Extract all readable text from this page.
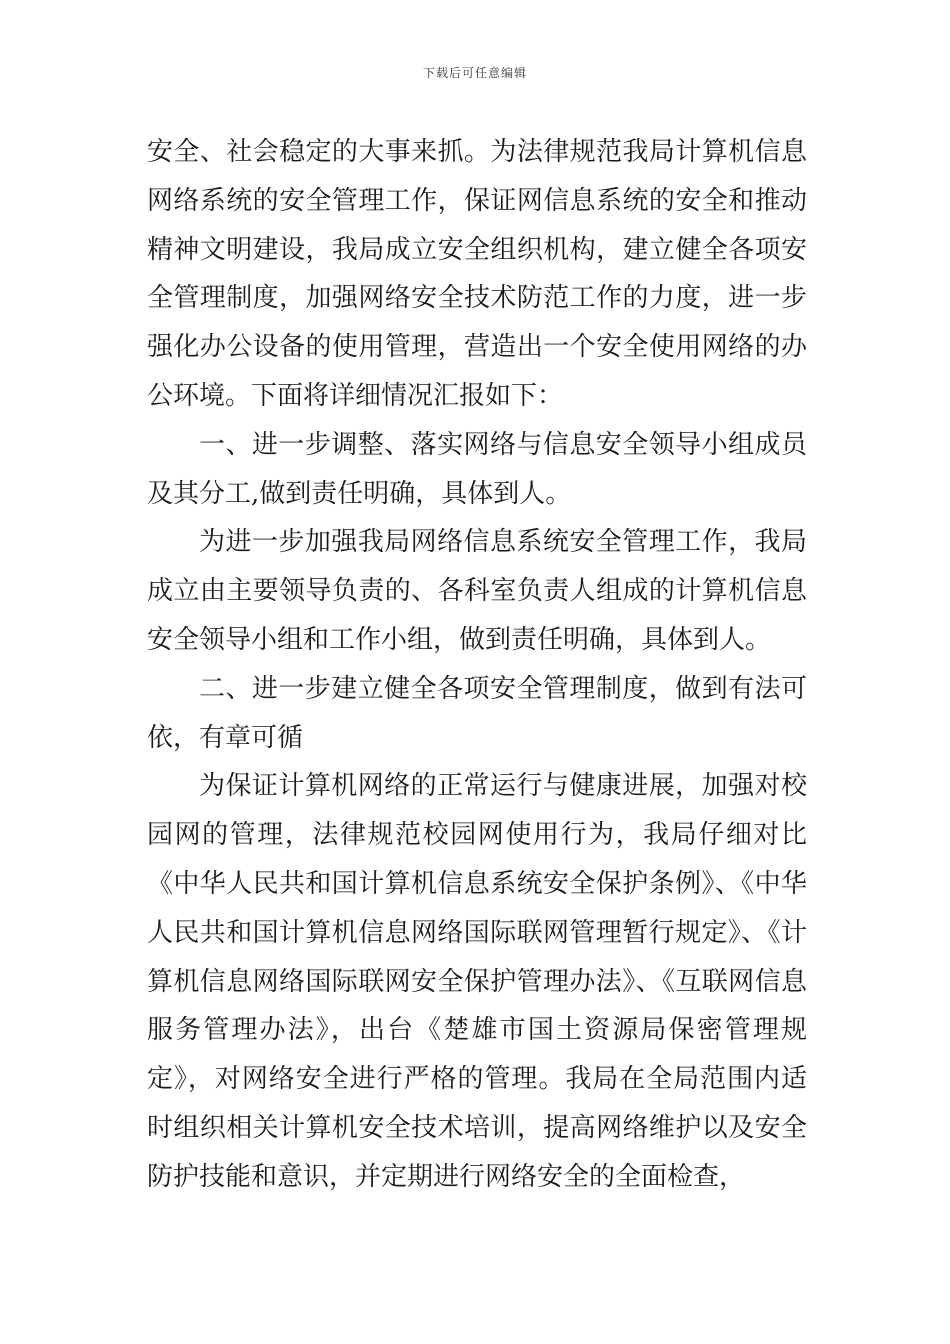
下载后可任意编辑

安全、社会稳定的大事来抓。为法律规范我局计算机信息网络系统的安全管理工作，保证网信息系统的安全和推动精神文明建设，我局成立安全组织机构，建立健全各项安全管理制度，加强网络安全技术防范工作的力度，进一步强化办公设备的使用管理，营造出一个安全使用网络的办公环境。下面将详细情况汇报如下：

一、进一步调整、落实网络与信息安全领导小组成员及其分工,做到责任明确，具体到人。

为进一步加强我局网络信息系统安全管理工作，我局成立由主要领导负责的、各科室负责人组成的计算机信息安全领导小组和工作小组，做到责任明确，具体到人。

二、进一步建立健全各项安全管理制度，做到有法可依，有章可循

为保证计算机网络的正常运行与健康进展，加强对校园网的管理，法律规范校园网使用行为，我局仔细对比《中华人民共和国计算机信息系统安全保护条例》、《中华人民共和国计算机信息网络国际联网管理暂行规定》、《计算机信息网络国际联网安全保护管理办法》、《互联网信息服务管理办法》，出台《楚雄市国土资源局保密管理规定》，对网络安全进行严格的管理。我局在全局范围内适时组织相关计算机安全技术培训，提高网络维护以及安全防护技能和意识，并定期进行网络安全的全面检查，
